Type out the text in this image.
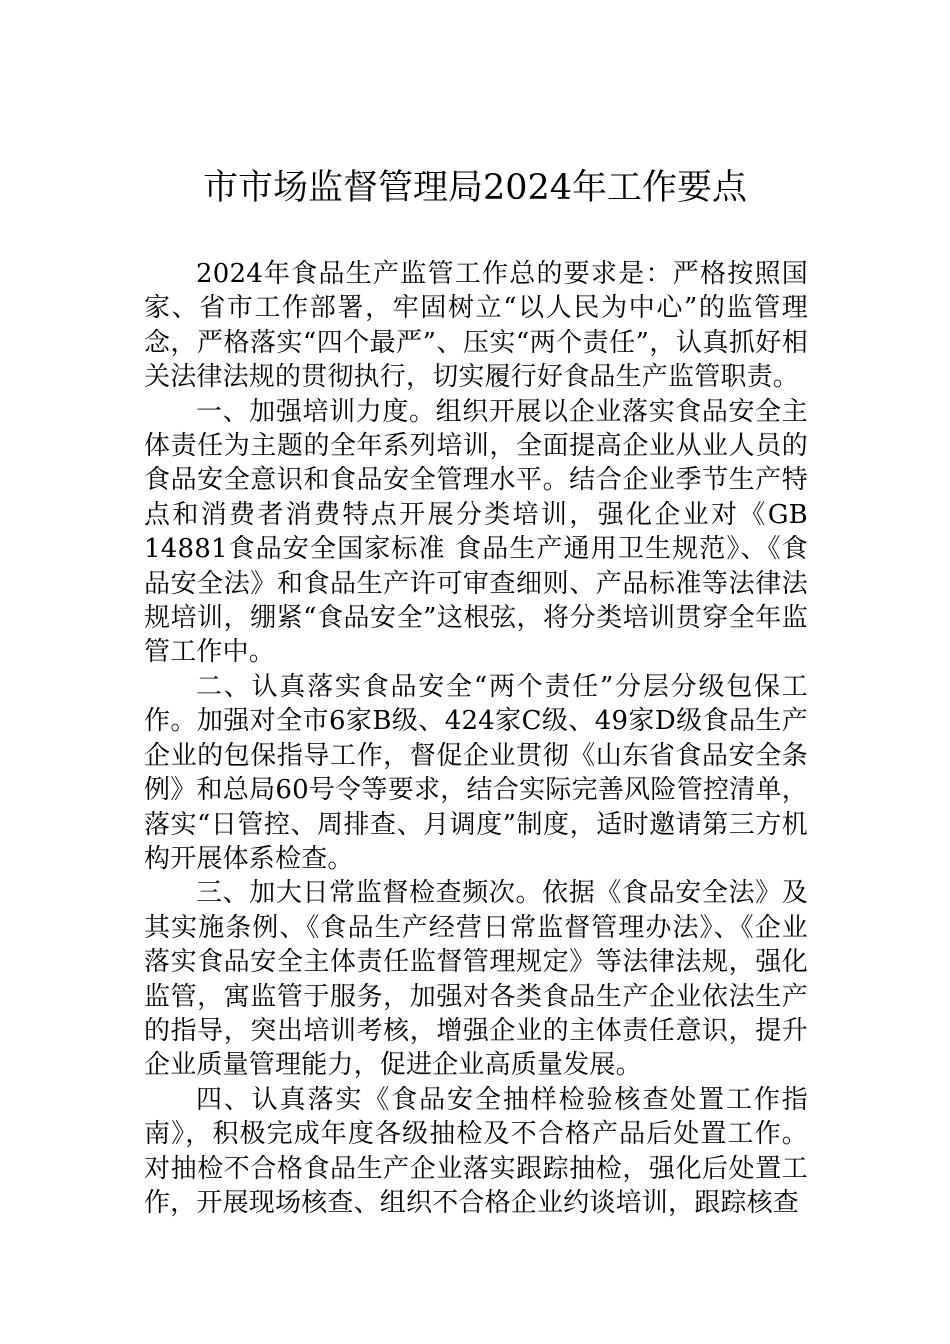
市市场监督管理局2024年工作要点

2024年食品生产监管工作总的要求是：严格按照国家、省市工作部署，牢固树立“以人民为中心”的监管理念，严格落实“四个最严”、压实“两个责任”，认真抓好相关法律法规的贯彻执行，切实履行好食品生产监管职责。

一、加强培训力度。组织开展以企业落实食品安全主体责任为主题的全年系列培训，全面提高企业从业人员的食品安全意识和食品安全管理水平。结合企业季节生产特点和消费者消费特点开展分类培训，强化企业对《GB 14881食品安全国家标准 食品生产通用卫生规范》、《食品安全法》和食品生产许可审查细则、产品标准等法律法规培训，绷紧“食品安全”这根弦，将分类培训贯穿全年监管工作中。

二、认真落实食品安全“两个责任”分层分级包保工作。加强对全市6家B级、424家C级、49家D级食品生产企业的包保指导工作，督促企业贯彻《山东省食品安全条例》和总局60号令等要求，结合实际完善风险管控清单，落实“日管控、周排查、月调度”制度，适时邀请第三方机构开展体系检查。

三、加大日常监督检查频次。依据《食品安全法》及其实施条例、《食品生产经营日常监督管理办法》、《企业落实食品安全主体责任监督管理规定》等法律法规，强化监管，寓监管于服务，加强对各类食品生产企业依法生产的指导，突出培训考核，增强企业的主体责任意识，提升企业质量管理能力，促进企业高质量发展。

四、认真落实《食品安全抽样检验核查处置工作指南》，积极完成年度各级抽检及不合格产品后处置工作。对抽检不合格食品生产企业落实跟踪抽检，强化后处置工作，开展现场核查、组织不合格企业约谈培训，跟踪核查
